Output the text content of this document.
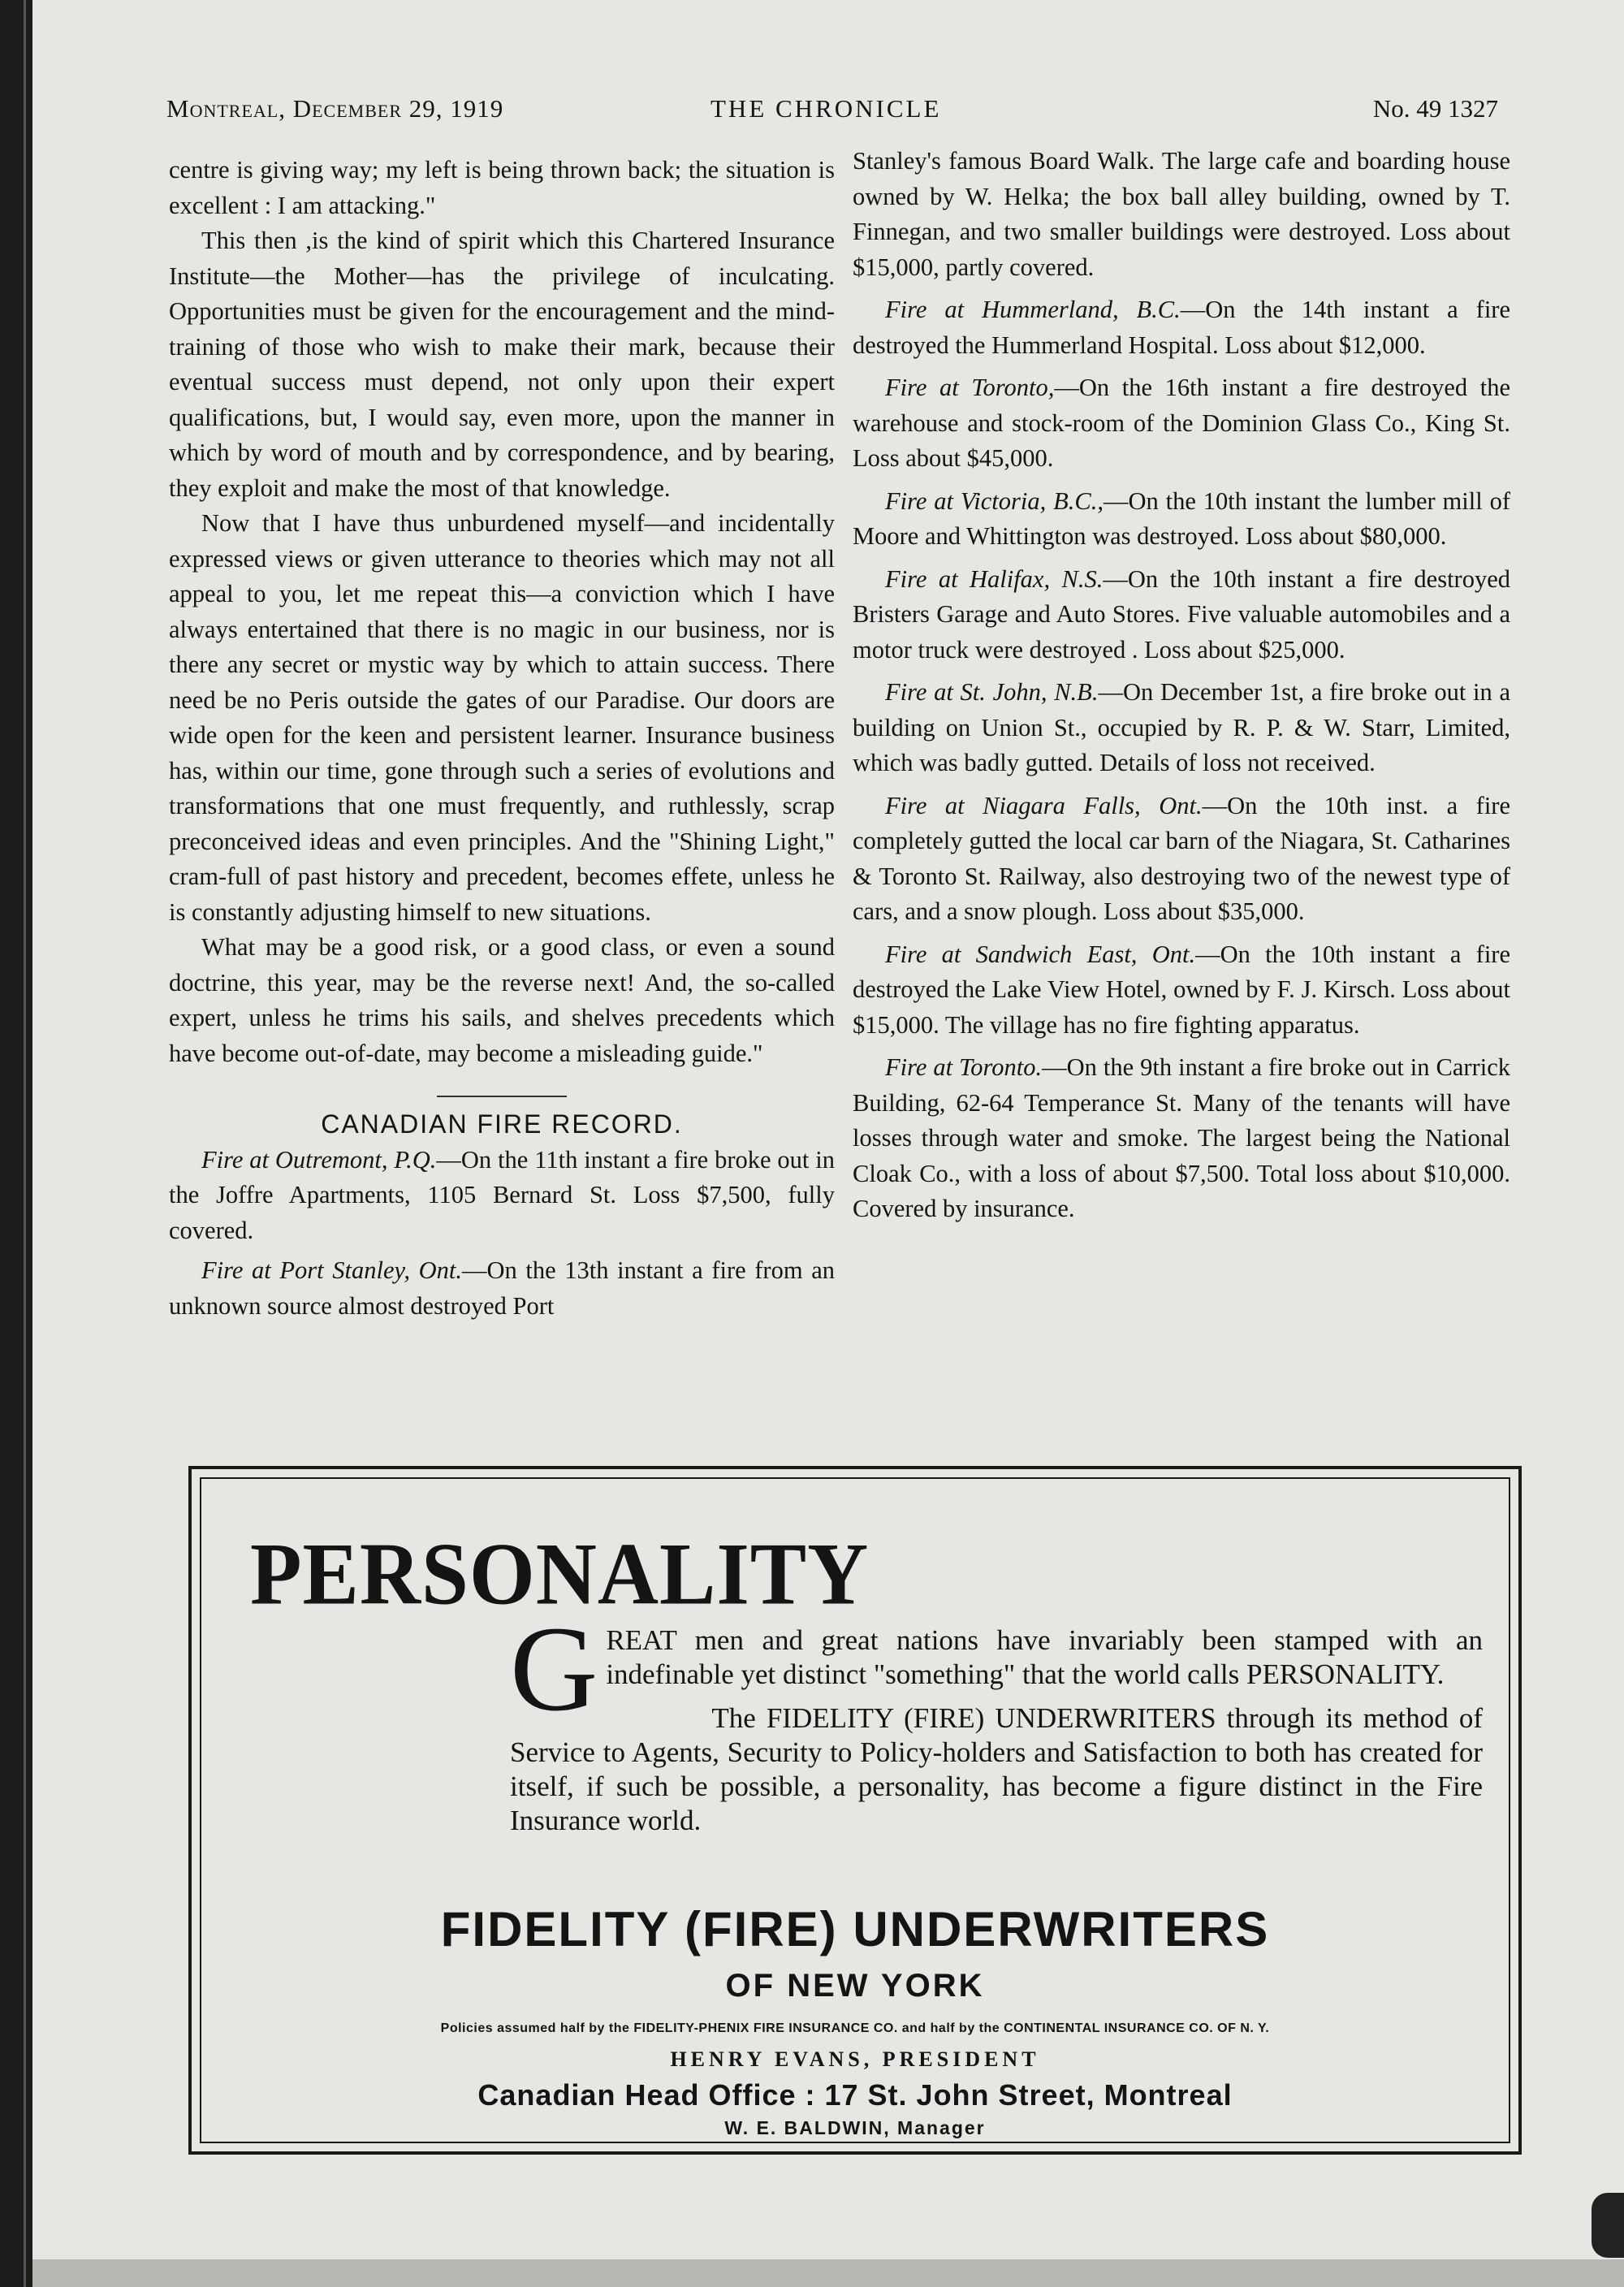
Montreal, December 29, 1919	THE CHRONICLE	No. 49 1327

centre is giving way; my left is being thrown back; the situation is excellent : I am attacking."

This then ,is the kind of spirit which this Chartered Insurance Institute—the Mother—has the privilege of inculcating. Opportunities must be given for the encouragement and the mind-training of those who wish to make their mark, because their eventual success must depend, not only upon their expert qualifications, but, I would say, even more, upon the manner in which by word of mouth and by correspondence, and by bearing, they exploit and make the most of that knowledge.

Now that I have thus unburdened myself—and incidentally expressed views or given utterance to theories which may not all appeal to you, let me repeat this—a conviction which I have always entertained that there is no magic in our business, nor is there any secret or mystic way by which to attain success. There need be no Peris outside the gates of our Paradise. Our doors are wide open for the keen and persistent learner. Insurance business has, within our time, gone through such a series of evolutions and transformations that one must frequently, and ruthlessly, scrap preconceived ideas and even principles. And the "Shining Light," cram-full of past history and precedent, becomes effete, unless he is constantly adjusting himself to new situations.

What may be a good risk, or a good class, or even a sound doctrine, this year, may be the reverse next! And, the so-called expert, unless he trims his sails, and shelves precedents which have become out-of-date, may become a misleading guide."

CANADIAN FIRE RECORD.

Fire at Outremont, P.Q.—On the 11th instant a fire broke out in the Joffre Apartments, 1105 Bernard St. Loss $7,500, fully covered.

Fire at Port Stanley, Ont.—On the 13th instant a fire from an unknown source almost destroyed Port

Stanley's famous Board Walk. The large cafe and boarding house owned by W. Helka; the box ball alley building, owned by T. Finnegan, and two smaller buildings were destroyed. Loss about $15,000, partly covered.

Fire at Hummerland, B.C.—On the 14th instant a fire destroyed the Hummerland Hospital. Loss about $12,000.

Fire at Toronto,—On the 16th instant a fire destroyed the warehouse and stock-room of the Dominion Glass Co., King St. Loss about $45,000.

Fire at Victoria, B.C.,—On the 10th instant the lumber mill of Moore and Whittington was destroyed. Loss about $80,000.

Fire at Halifax, N.S.—On the 10th instant a fire destroyed Bristers Garage and Auto Stores. Five valuable automobiles and a motor truck were destroyed . Loss about $25,000.

Fire at St. John, N.B.—On December 1st, a fire broke out in a building on Union St., occupied by R. P. & W. Starr, Limited, which was badly gutted. Details of loss not received.

Fire at Niagara Falls, Ont.—On the 10th inst. a fire completely gutted the local car barn of the Niagara, St. Catharines & Toronto St. Railway, also destroying two of the newest type of cars, and a snow plough. Loss about $35,000.

Fire at Sandwich East, Ont.—On the 10th instant a fire destroyed the Lake View Hotel, owned by F. J. Kirsch. Loss about $15,000. The village has no fire fighting apparatus.

Fire at Toronto.—On the 9th instant a fire broke out in Carrick Building, 62-64 Temperance St. Many of the tenants will have losses through water and smoke. The largest being the National Cloak Co., with a loss of about $7,500. Total loss about $10,000. Covered by insurance.

PERSONALITY

GREAT men and great nations have invariably been stamped with an indefinable yet distinct "something" that the world calls PERSONALITY.

The FIDELITY (FIRE) UNDERWRITERS through its method of Service to Agents, Security to Policy-holders and Satisfaction to both has created for itself, if such be possible, a personality, has become a figure distinct in the Fire Insurance world.

FIDELITY (FIRE) UNDERWRITERS
OF NEW YORK
Policies assumed half by the FIDELITY-PHENIX FIRE INSURANCE CO. and half by the CONTINENTAL INSURANCE CO. OF N. Y.
HENRY EVANS, PRESIDENT
Canadian Head Office : 17 St. John Street, Montreal
W. E. BALDWIN, Manager
